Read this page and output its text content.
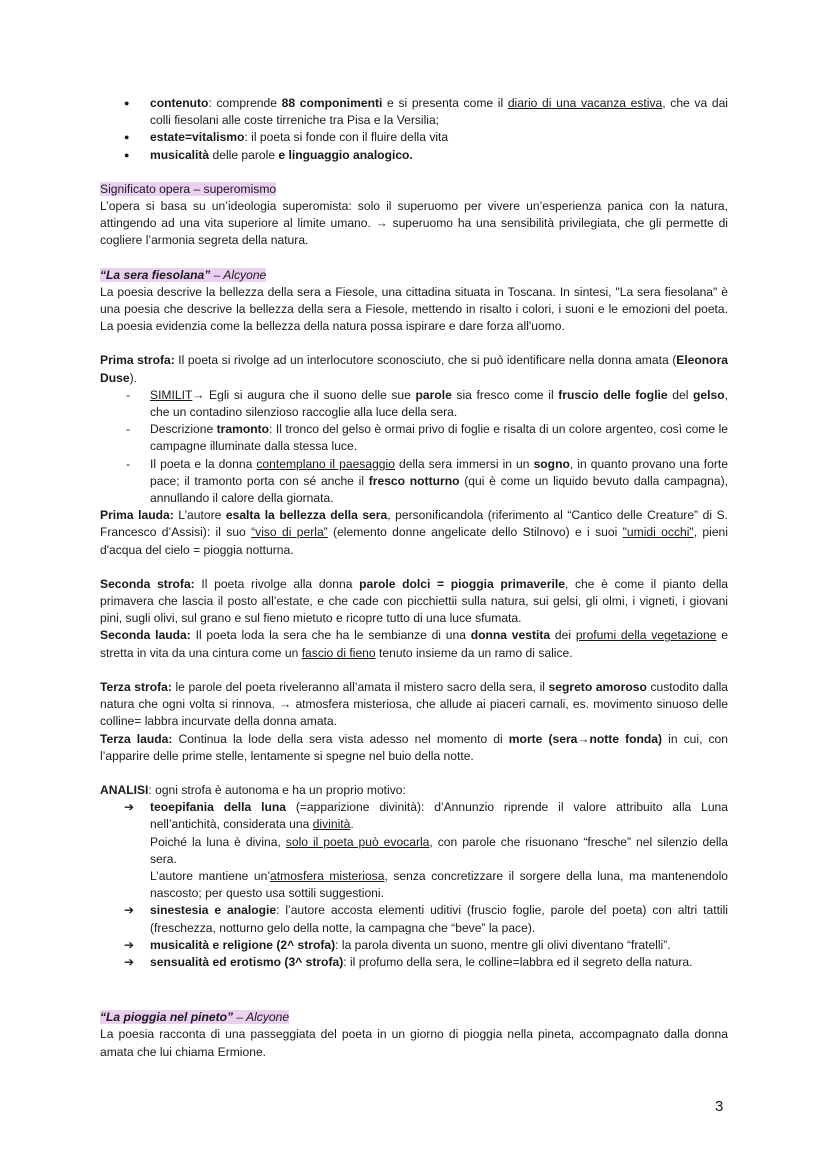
● contenuto: comprende 88 componimenti e si presenta come il diario di una vacanza estiva, che va dai colli fiesolani alle coste tirreniche tra Pisa e la Versilia;
● estate=vitalismo: il poeta si fonde con il fluire della vita
● musicalità delle parole e linguaggio analogico.

Significato opera – superomismo

L’opera si basa su un’ideologia superomista: solo il superuomo per vivere un’esperienza panica con la natura, attingendo ad una vita superiore al limite umano. → superuomo ha una sensibilità privilegiata, che gli permette di cogliere l’armonia segreta della natura.

“La sera fiesolana” – Alcyone

La poesia descrive la bellezza della sera a Fiesole, una cittadina situata in Toscana. In sintesi, "La sera fiesolana" è una poesia che descrive la bellezza della sera a Fiesole, mettendo in risalto i colori, i suoni e le emozioni del poeta. La poesia evidenzia come la bellezza della natura possa ispirare e dare forza all'uomo.

Prima strofa: Il poeta si rivolge ad un interlocutore sconosciuto, che si può identificare nella donna amata (Eleonora Duse).

- SIMILIT→ Egli si augura che il suono delle sue parole sia fresco come il fruscio delle foglie del gelso, che un contadino silenzioso raccoglie alla luce della sera.
- Descrizione tramonto: Il tronco del gelso è ormai privo di foglie e risalta di un colore argenteo, così come le campagne illuminate dalla stessa luce.
- Il poeta e la donna contemplano il paesaggio della sera immersi in un sogno, in quanto provano una forte pace; il tramonto porta con sé anche il fresco notturno (qui è come un liquido bevuto dalla campagna), annullando il calore della giornata.

Prima lauda: L’autore esalta la bellezza della sera, personificandola (riferimento al “Cantico delle Creature” di S. Francesco d’Assisi): il suo “viso di perla” (elemento donne angelicate dello Stilnovo) e i suoi "umidi occhi", pieni d'acqua del cielo = pioggia notturna.

Seconda strofa: Il poeta rivolge alla donna parole dolci = pioggia primaverile, che è come il pianto della primavera che lascia il posto all’estate, e che cade con picchiettii sulla natura, sui gelsi, gli olmi, i vigneti, i giovani pini, sugli olivi, sul grano e sul fieno mietuto e ricopre tutto di una luce sfumata.

Seconda lauda: Il poeta loda la sera che ha le sembianze di una donna vestita dei profumi della vegetazione e stretta in vita da una cintura come un fascio di fieno tenuto insieme da un ramo di salice.

Terza strofa: le parole del poeta riveleranno all’amata il mistero sacro della sera, il segreto amoroso custodito dalla natura che ogni volta si rinnova. → atmosfera misteriosa, che allude ai piaceri carnali, es. movimento sinuoso delle colline= labbra incurvate della donna amata.

Terza lauda: Continua la lode della sera vista adesso nel momento di morte (sera→notte fonda) in cui, con l’apparire delle prime stelle, lentamente si spegne nel buio della notte.

ANALISI: ogni strofa è autonoma e ha un proprio motivo:

➔ teoepifania della luna (=apparizione divinità): d’Annunzio riprende il valore attribuito alla Luna nell’antichità, considerata una divinità.
Poiché la luna è divina, solo il poeta può evocarla, con parole che risuonano “fresche” nel silenzio della sera.
L’autore mantiene un’atmosfera misteriosa, senza concretizzare il sorgere della luna, ma mantenendolo nascosto; per questo usa sottili suggestioni.
➔ sinestesia e analogie: l’autore accosta elementi uditivi (fruscio foglie, parole del poeta) con altri tattili (freschezza, notturno gelo della notte, la campagna che “beve” la pace).
➔ musicalità e religione (2^ strofa): la parola diventa un suono, mentre gli olivi diventano “fratelli”.
➔ sensualità ed erotismo (3^ strofa): il profumo della sera, le colline=labbra ed il segreto della natura.

“La pioggia nel pineto” – Alcyone

La poesia racconta di una passeggiata del poeta in un giorno di pioggia nella pineta, accompagnato dalla donna amata che lui chiama Ermione.

3
